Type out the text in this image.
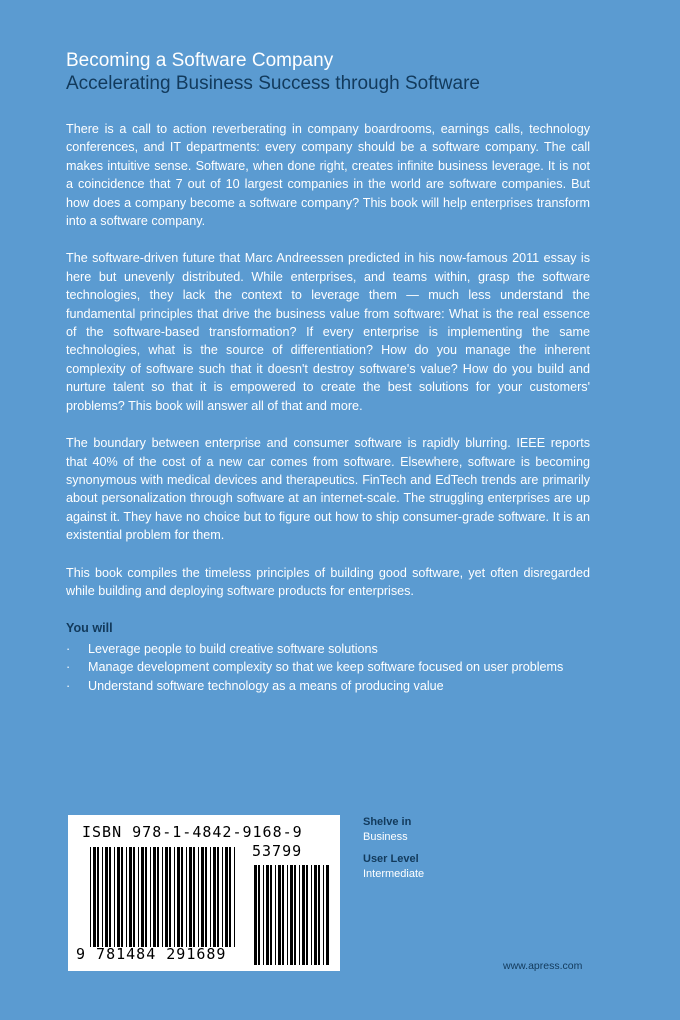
Becoming a Software Company
Accelerating Business Success through Software

There is a call to action reverberating in company boardrooms, earnings calls, technology conferences, and IT departments: every company should be a software company. The call makes intuitive sense. Software, when done right, creates infinite business leverage. It is not a coincidence that 7 out of 10 largest companies in the world are software companies. But how does a company become a software company? This book will help enterprises transform into a software company.

The software-driven future that Marc Andreessen predicted in his now-famous 2011 essay is here but unevenly distributed. While enterprises, and teams within, grasp the software technologies, they lack the context to leverage them — much less understand the fundamental principles that drive the business value from software: What is the real essence of the software-based transformation? If every enterprise is implementing the same technologies, what is the source of differentiation? How do you manage the inherent complexity of software such that it doesn't destroy software's value? How do you build and nurture talent so that it is empowered to create the best solutions for your customers' problems? This book will answer all of that and more.

The boundary between enterprise and consumer software is rapidly blurring. IEEE reports that 40% of the cost of a new car comes from software. Elsewhere, software is becoming synonymous with medical devices and therapeutics. FinTech and EdTech trends are primarily about personalization through software at an internet-scale. The struggling enterprises are up against it. They have no choice but to figure out how to ship consumer-grade software. It is an existential problem for them.

This book compiles the timeless principles of building good software, yet often disregarded while building and deploying software products for enterprises.

You will
· Leverage people to build creative software solutions
· Manage development complexity so that we keep software focused on user problems
· Understand software technology as a means of producing value
ISBN 978-1-4842-9168-9
53799
9 781484 291689
Shelve in
Business
User Level
Intermediate
www.apress.com
